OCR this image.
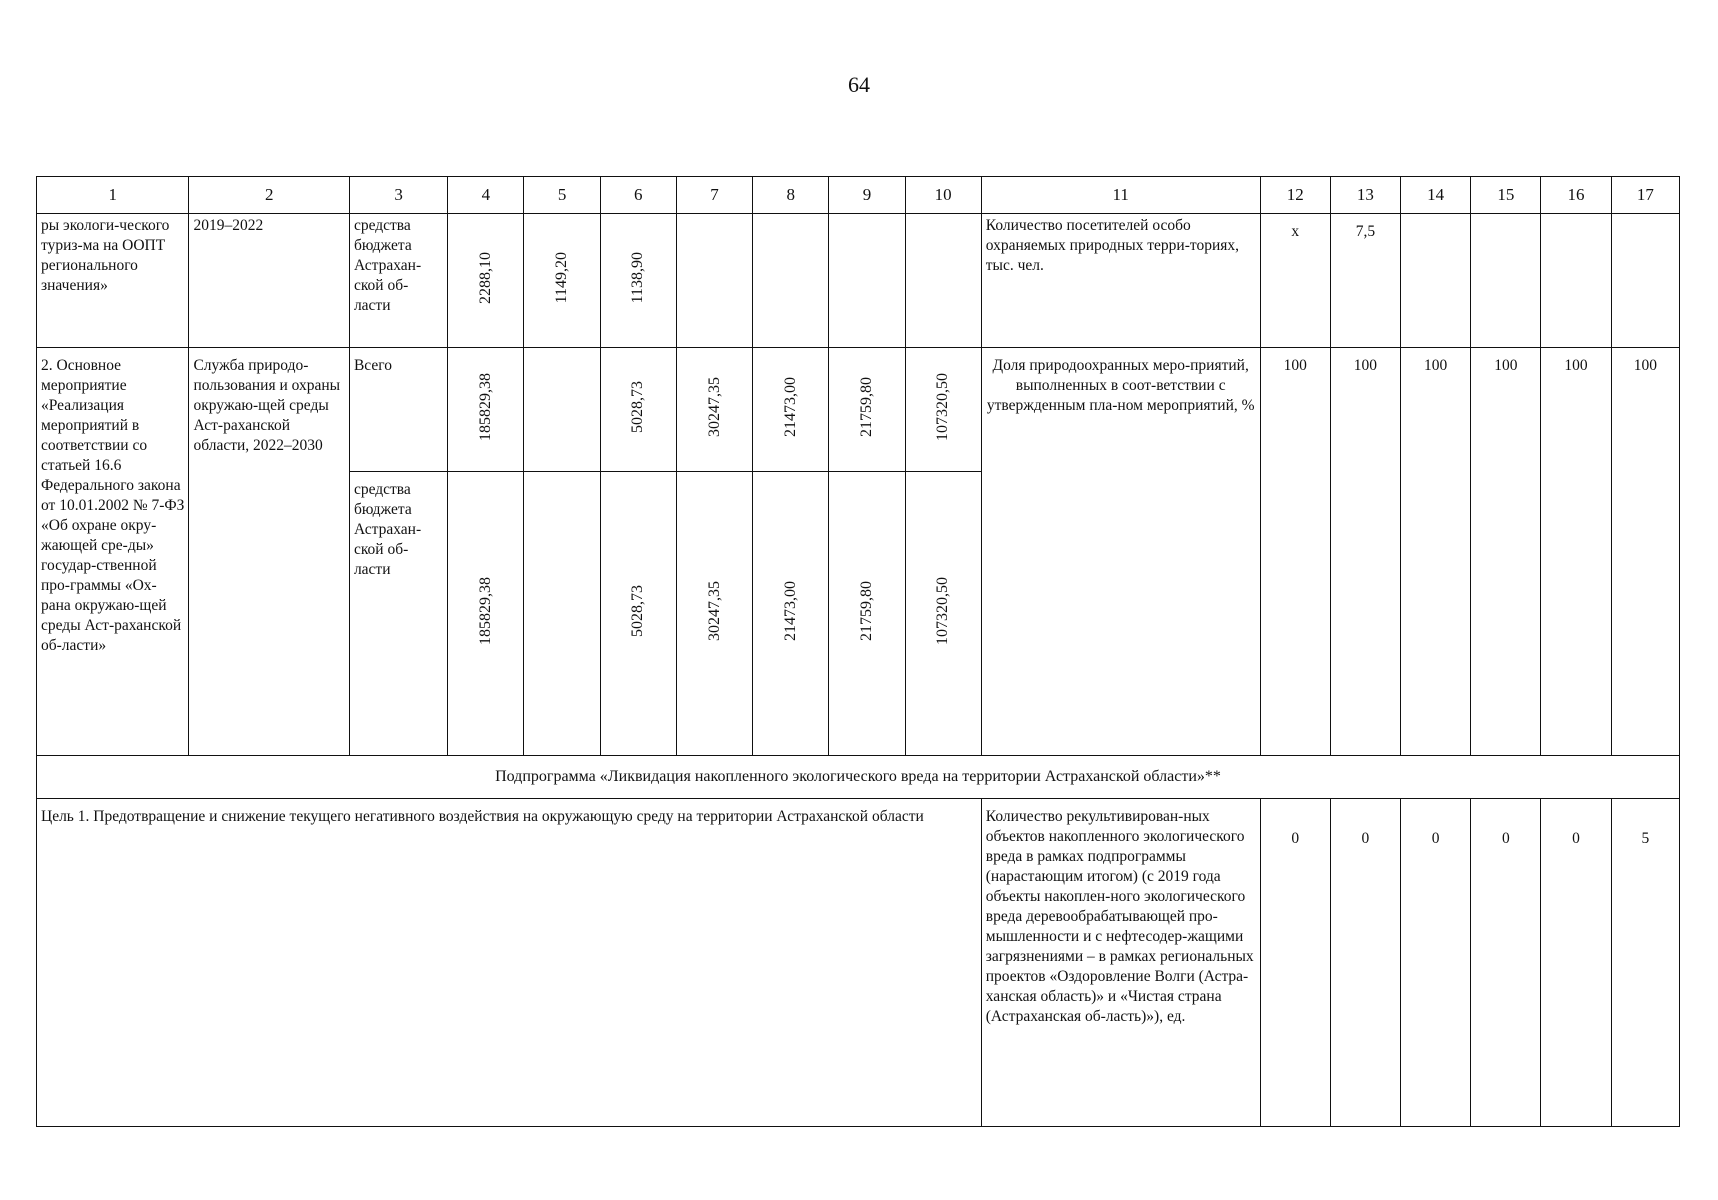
64
1	2	3	4	5	6	7	8	9	10	11	12	13	14	15	16	17
ры экологи-ческого туриз-ма на ООПТ регионального значения»	2019–2022	средства бюджета Астрахан-ской об-ласти	2288,10	1149,20	1138,90					Количество посетителей особо охраняемых природных терри-ториях, тыс. чел.	х	7,5				
2. Основное мероприятие «Реализация мероприятий в соответствии со статьей 16.6 Федерального закона от 10.01.2002 № 7-ФЗ «Об охране окру-жающей сре-ды» государ-ственной про-граммы «Ох-рана окружаю-щей среды Аст-раханской об-ласти»	Служба природо-пользования и охраны окружаю-щей среды Аст-раханской области, 2022–2030	Всего	185829,38		5028,73	30247,35	21473,00	21759,80	107320,50	Доля природоохранных меро-приятий, выполненных в соот-ветствии с утвержденным пла-ном мероприятий, %	100	100	100	100	100	100
		средства бюджета Астрахан-ской об-ласти	185829,38		5028,73	30247,35	21473,00	21759,80	107320,50							
Подпрограмма «Ликвидация накопленного экологического вреда на территории Астраханской области»**																
Цель 1. Предотвращение и снижение текущего негативного воздействия на окружающую среду на территории Астраханской области										Количество рекультивирован-ных объектов накопленного экологического вреда в рамках подпрограммы (нарастающим итогом) (с 2019 года объекты накоплен-ного экологического вреда деревообрабатывающей про-мышленности и с нефтесодер-жащими загрязнениями – в рамках региональных проектов «Оздоровление Волги (Астра-ханская область)» и «Чистая страна (Астраханская об-ласть)»), ед.	0	0	0	0	0	5
